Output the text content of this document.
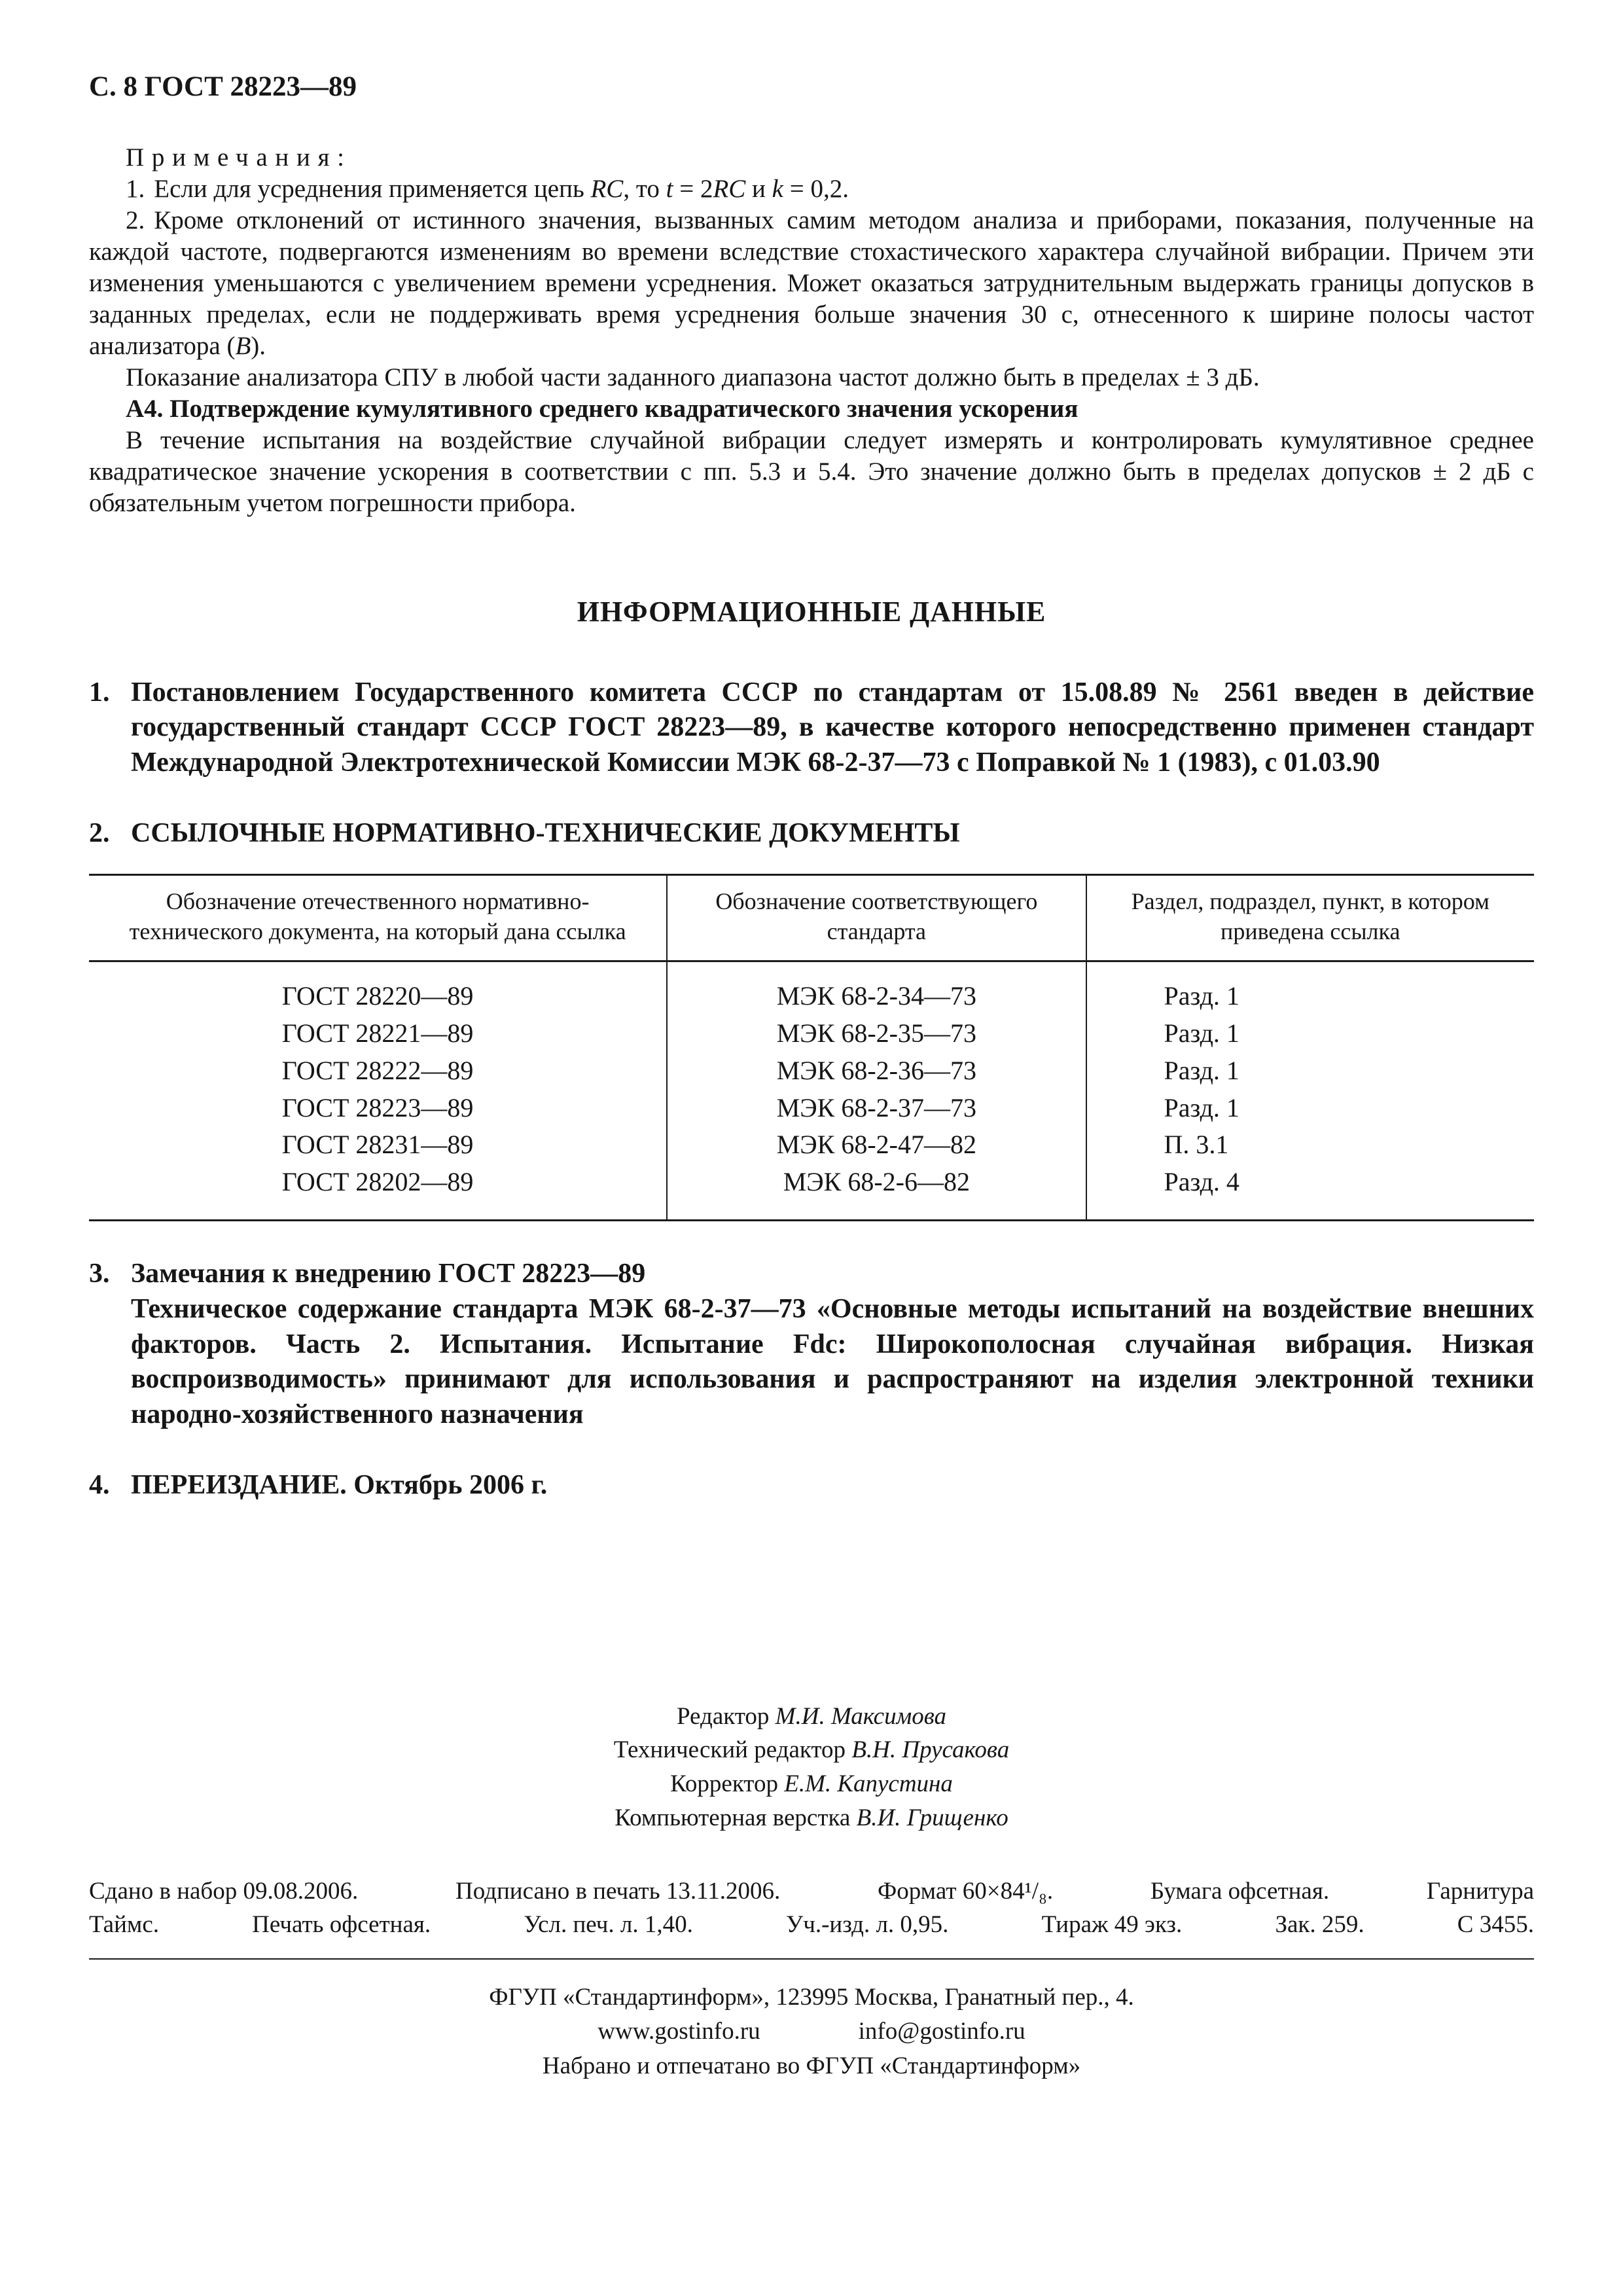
С. 8 ГОСТ 28223—89

Примечания:

1. Если для усреднения применяется цепь RC, то t = 2RC и k = 0,2.

2. Кроме отклонений от истинного значения, вызванных самим методом анализа и приборами, показания, полученные на каждой частоте, подвергаются изменениям во времени вследствие стохастического характера случайной вибрации. Причем эти изменения уменьшаются с увеличением времени усреднения. Может оказаться затруднительным выдержать границы допусков в заданных пределах, если не поддерживать время усреднения больше значения 30 с, отнесенного к ширине полосы частот анализатора (В).

Показание анализатора СПУ в любой части заданного диапазона частот должно быть в пределах ± 3 дБ.

А4. Подтверждение кумулятивного среднего квадратического значения ускорения

В течение испытания на воздействие случайной вибрации следует измерять и контролировать кумулятивное среднее квадратическое значение ускорения в соответствии с пп. 5.3 и 5.4. Это значение должно быть в пределах допусков ± 2 дБ с обязательным учетом погрешности прибора.

ИНФОРМАЦИОННЫЕ ДАННЫЕ

1. Постановлением Государственного комитета СССР по стандартам от 15.08.89 № 2561 введен в действие государственный стандарт СССР ГОСТ 28223—89, в качестве которого непосредственно применен стандарт Международной Электротехнической Комиссии МЭК 68-2-37—73 с Поправкой № 1 (1983), с 01.03.90

2. ССЫЛОЧНЫЕ НОРМАТИВНО-ТЕХНИЧЕСКИЕ ДОКУМЕНТЫ

Обозначение отечественного нормативно-технического документа, на который дана ссылка	Обозначение соответствующего стандарта	Раздел, подраздел, пункт, в котором приведена ссылка
ГОСТ 28220—89	МЭК 68-2-34—73	Разд. 1
ГОСТ 28221—89	МЭК 68-2-35—73	Разд. 1
ГОСТ 28222—89	МЭК 68-2-36—73	Разд. 1
ГОСТ 28223—89	МЭК 68-2-37—73	Разд. 1
ГОСТ 28231—89	МЭК 68-2-47—82	П. 3.1
ГОСТ 28202—89	МЭК 68-2-6—82	Разд. 4

3. Замечания к внедрению ГОСТ 28223—89

Техническое содержание стандарта МЭК 68-2-37—73 «Основные методы испытаний на воздействие внешних факторов. Часть 2. Испытания. Испытание Fdc: Широкополосная случайная вибрация. Низкая воспроизводимость» принимают для использования и распространяют на изделия электронной техники народно-хозяйственного назначения

4. ПЕРЕИЗДАНИЕ. Октябрь 2006 г.

Редактор М.И. Максимова

Технический редактор В.Н. Прусакова

Корректор Е.М. Капустина

Компьютерная верстка В.И. Грищенко

Сдано в набор 09.08.2006.	Подписано в печать 13.11.2006.	Формат 60×84¹/₈.	Бумага офсетная.	Гарнитура
Таймс.	Печать офсетная.	Усл. печ. л. 1,40.	Уч.-изд. л. 0,95.	Тираж 49 экз.	Зак. 259.	С 3455.

ФГУП «Стандартинформ», 123995 Москва, Гранатный пер., 4.

www.gostinfo.ru	info@gostinfo.ru

Набрано и отпечатано во ФГУП «Стандартинформ»
